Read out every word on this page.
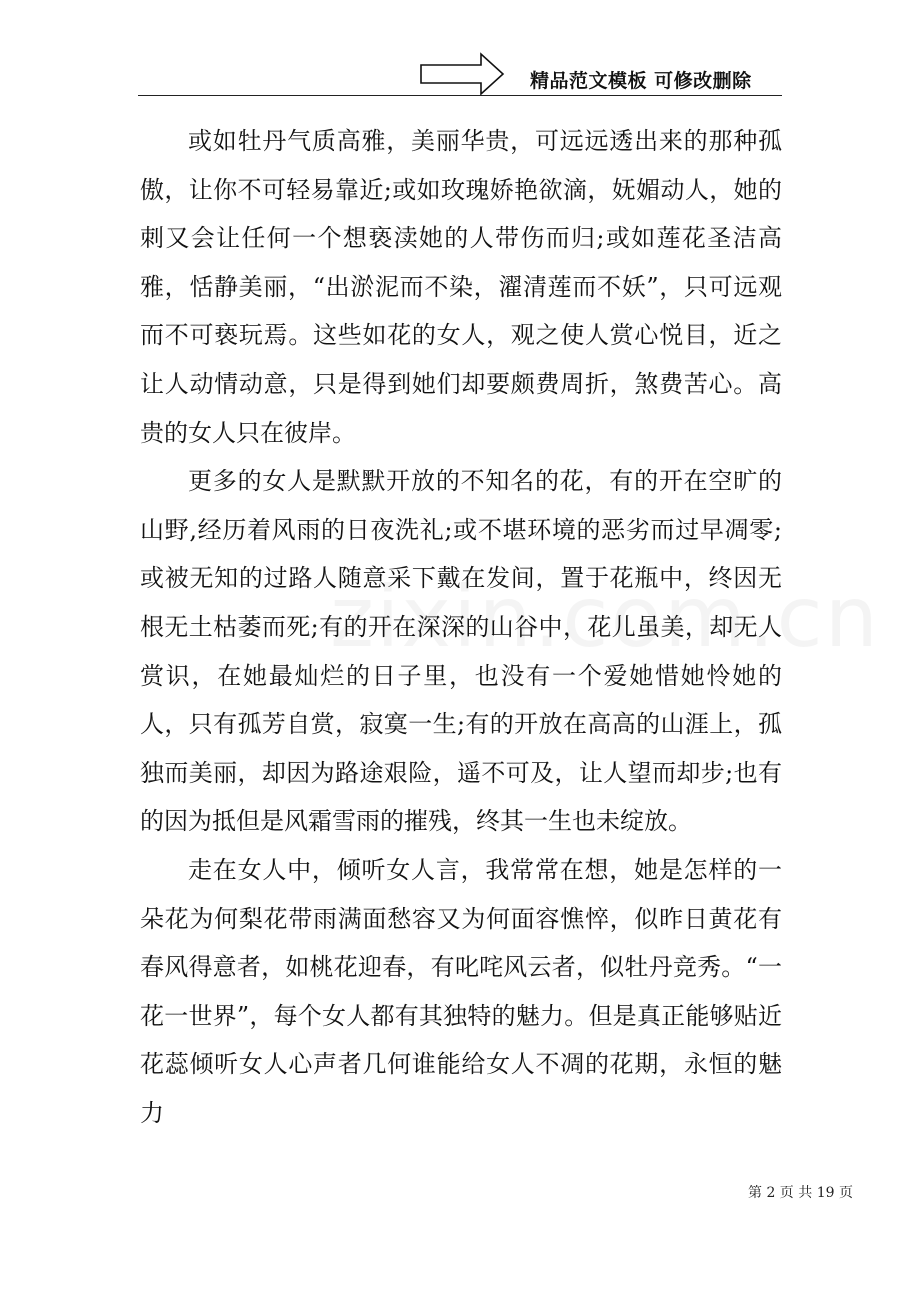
精品范文模板 可修改删除

或如牡丹气质高雅，美丽华贵，可远远透出来的那种孤傲，让你不可轻易靠近;或如玫瑰娇艳欲滴，妩媚动人，她的刺又会让任何一个想亵渎她的人带伤而归;或如莲花圣洁高雅，恬静美丽，“出淤泥而不染，濯清莲而不妖”，只可远观而不可亵玩焉。这些如花的女人，观之使人赏心悦目，近之让人动情动意，只是得到她们却要颇费周折，煞费苦心。高贵的女人只在彼岸。

更多的女人是默默开放的不知名的花，有的开在空旷的山野,经历着风雨的日夜洗礼;或不堪环境的恶劣而过早凋零;或被无知的过路人随意采下戴在发间，置于花瓶中，终因无根无土枯萎而死;有的开在深深的山谷中，花儿虽美，却无人赏识，在她最灿烂的日子里，也没有一个爱她惜她怜她的人，只有孤芳自赏，寂寞一生;有的开放在高高的山涯上，孤独而美丽，却因为路途艰险，遥不可及，让人望而却步;也有的因为抵但是风霜雪雨的摧残，终其一生也未绽放。

走在女人中，倾听女人言，我常常在想，她是怎样的一朵花为何梨花带雨满面愁容又为何面容憔悴，似昨日黄花有春风得意者，如桃花迎春，有叱咤风云者，似牡丹竞秀。“一花一世界”，每个女人都有其独特的魅力。但是真正能够贴近花蕊倾听女人心声者几何谁能给女人不凋的花期，永恒的魅力

第 2 页 共 19 页
